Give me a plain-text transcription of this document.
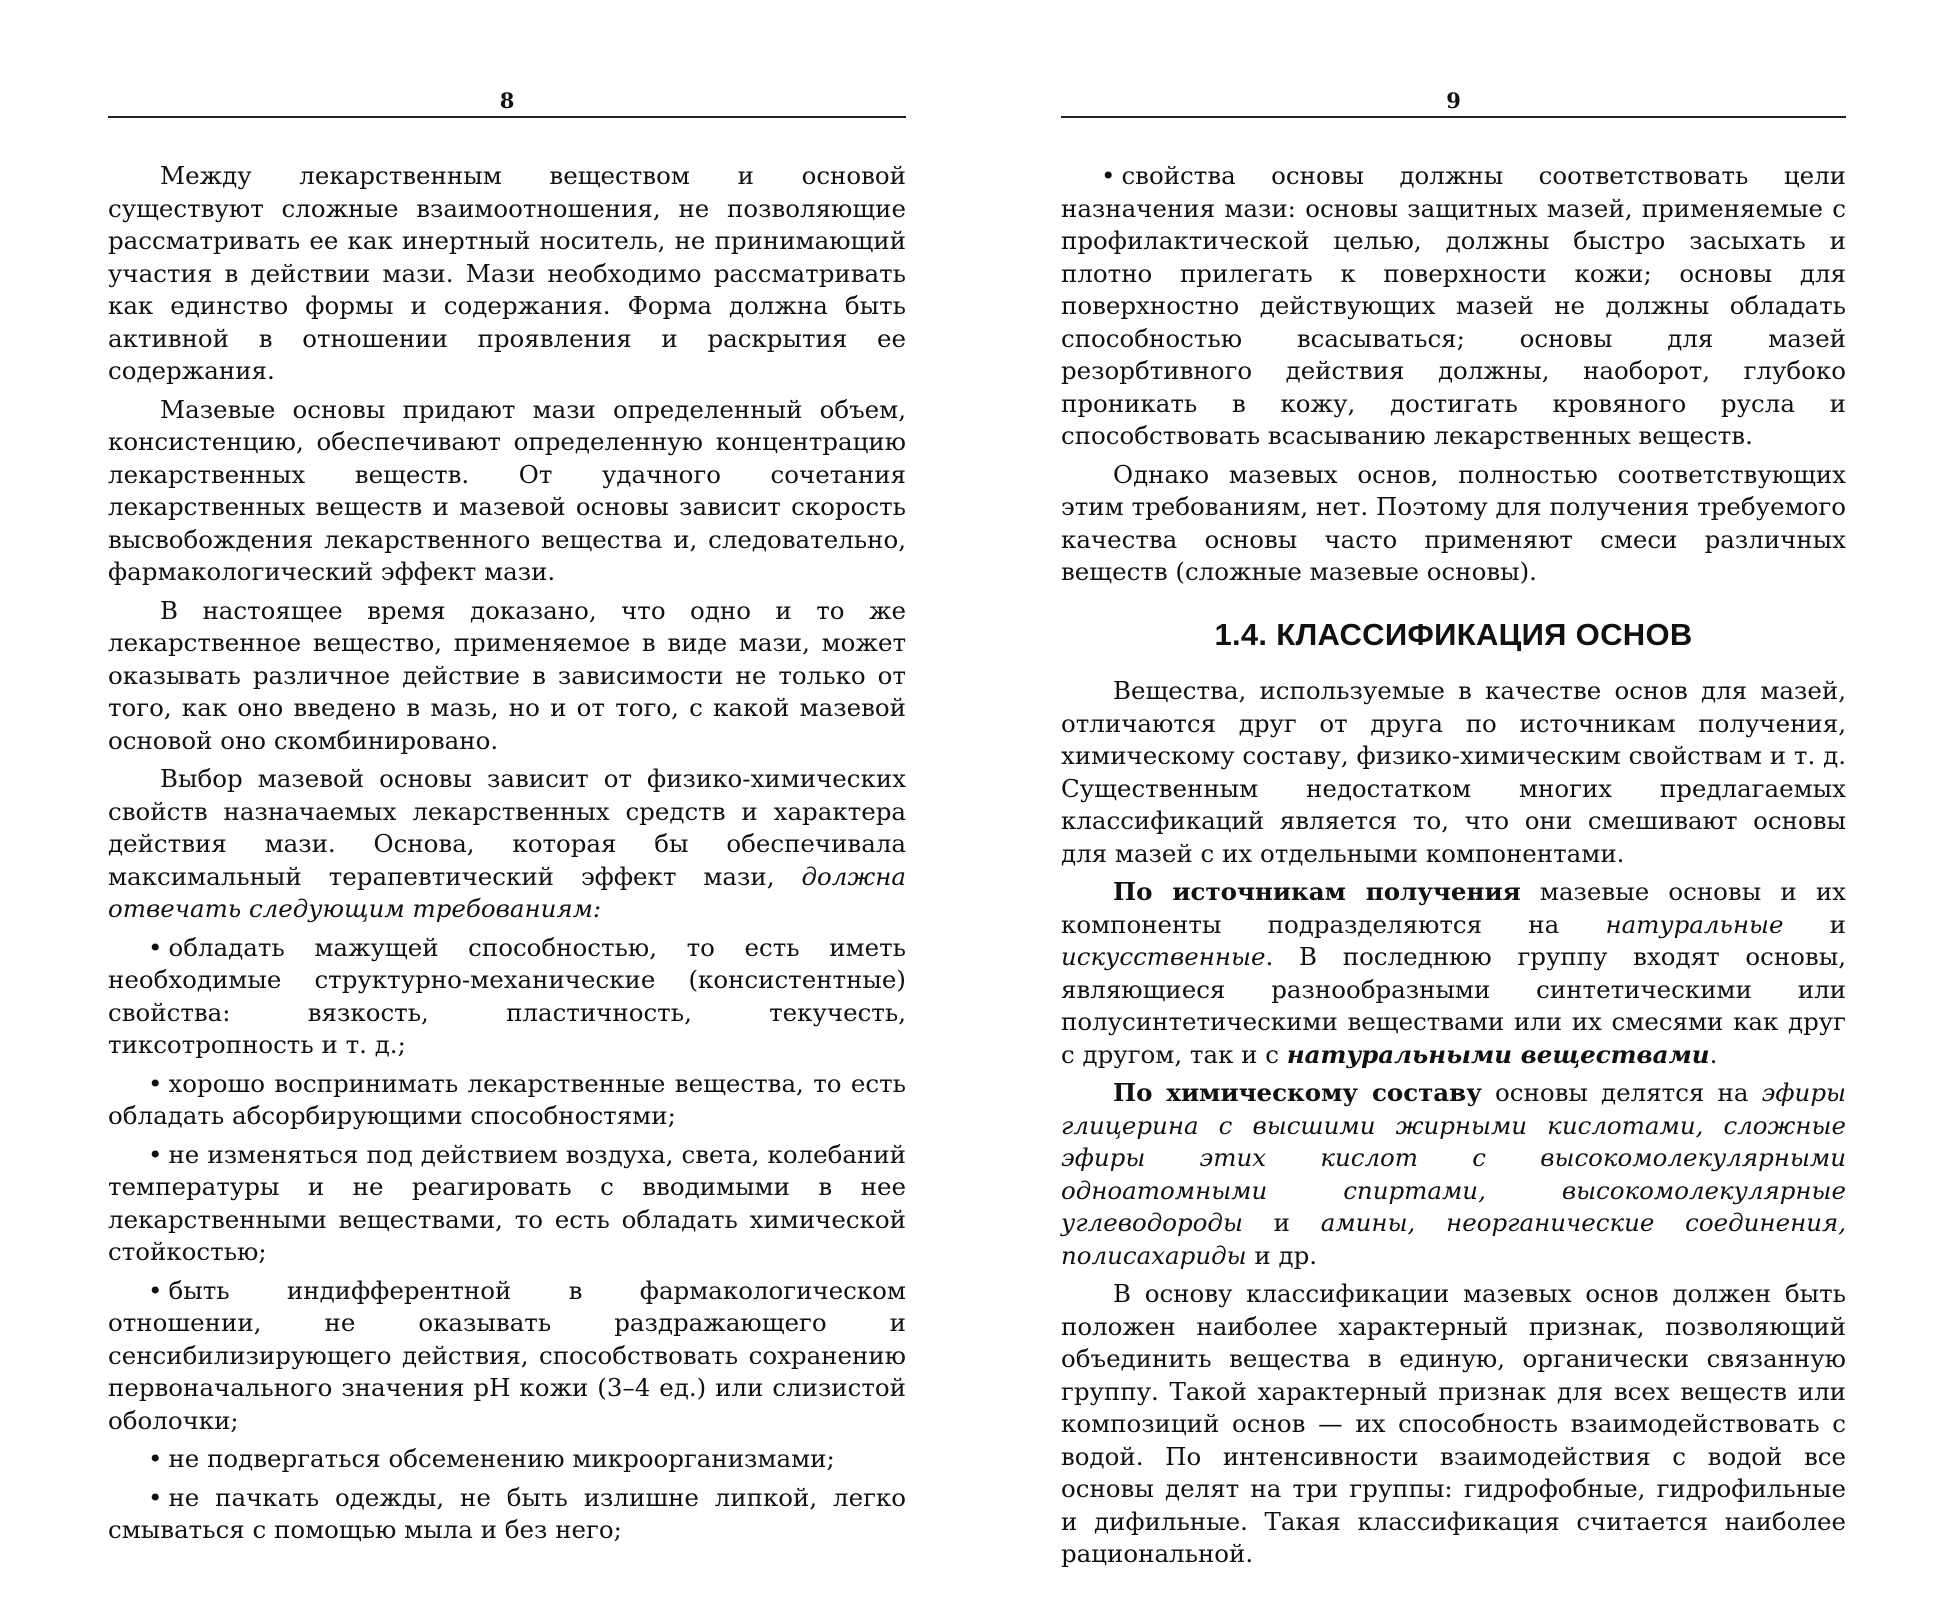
8

Между лекарственным веществом и основой существуют сложные взаимоотношения, не позволяющие рассматривать ее как инертный носитель, не принимающий участия в действии мази. Мази необходимо рассматривать как единство формы и содержания. Форма должна быть активной в отношении проявления и раскрытия ее содержания.

Мазевые основы придают мази определенный объем, консистенцию, обеспечивают определенную концентрацию лекарственных веществ. От удачного сочетания лекарственных веществ и мазевой основы зависит скорость высвобождения лекарственного вещества и, следовательно, фармакологический эффект мази.

В настоящее время доказано, что одно и то же лекарственное вещество, применяемое в виде мази, может оказывать различное действие в зависимости не только от того, как оно введено в мазь, но и от того, с какой мазевой основой оно скомбинировано.

Выбор мазевой основы зависит от физико-химических свойств назначаемых лекарственных средств и характера действия мази. Основа, которая бы обеспечивала максимальный терапевтический эффект мази, должна отвечать следующим требованиям:

• обладать мажущей способностью, то есть иметь необходимые структурно-механические (консистентные) свойства: вязкость, пластичность, текучесть, тиксотропность и т. д.;

• хорошо воспринимать лекарственные вещества, то есть обладать абсорбирующими способностями;

• не изменяться под действием воздуха, света, колебаний температуры и не реагировать с вводимыми в нее лекарственными веществами, то есть обладать химической стойкостью;

• быть индифферентной в фармакологическом отношении, не оказывать раздражающего и сенсибилизирующего действия, способствовать сохранению первоначального значения pH кожи (3–4 ед.) или слизистой оболочки;

• не подвергаться обсеменению микроорганизмами;

• не пачкать одежды, не быть излишне липкой, легко смываться с помощью мыла и без него;

9

• свойства основы должны соответствовать цели назначения мази: основы защитных мазей, применяемые с профилактической целью, должны быстро засыхать и плотно прилегать к поверхности кожи; основы для поверхностно действующих мазей не должны обладать способностью всасываться; основы для мазей резорбтивного действия должны, наоборот, глубоко проникать в кожу, достигать кровяного русла и способствовать всасыванию лекарственных веществ.

Однако мазевых основ, полностью соответствующих этим требованиям, нет. Поэтому для получения требуемого качества основы часто применяют смеси различных веществ (сложные мазевые основы).

1.4. КЛАССИФИКАЦИЯ ОСНОВ

Вещества, используемые в качестве основ для мазей, отличаются друг от друга по источникам получения, химическому составу, физико-химическим свойствам и т. д. Существенным недостатком многих предлагаемых классификаций является то, что они смешивают основы для мазей с их отдельными компонентами.

По источникам получения мазевые основы и их компоненты подразделяются на натуральные и искусственные. В последнюю группу входят основы, являющиеся разнообразными синтетическими или полусинтетическими веществами или их смесями как друг с другом, так и с натуральными веществами.

По химическому составу основы делятся на эфиры глицерина с высшими жирными кислотами, сложные эфиры этих кислот с высокомолекулярными одноатомными спиртами, высокомолекулярные углеводороды и амины, неорганические соединения, полисахариды и др.

В основу классификации мазевых основ должен быть положен наиболее характерный признак, позволяющий объединить вещества в единую, органически связанную группу. Такой характерный признак для всех веществ или композиций основ — их способность взаимодействовать с водой. По интенсивности взаимодействия с водой все основы делят на три группы: гидрофобные, гидрофильные и дифильные. Такая классификация считается наиболее рациональной.
